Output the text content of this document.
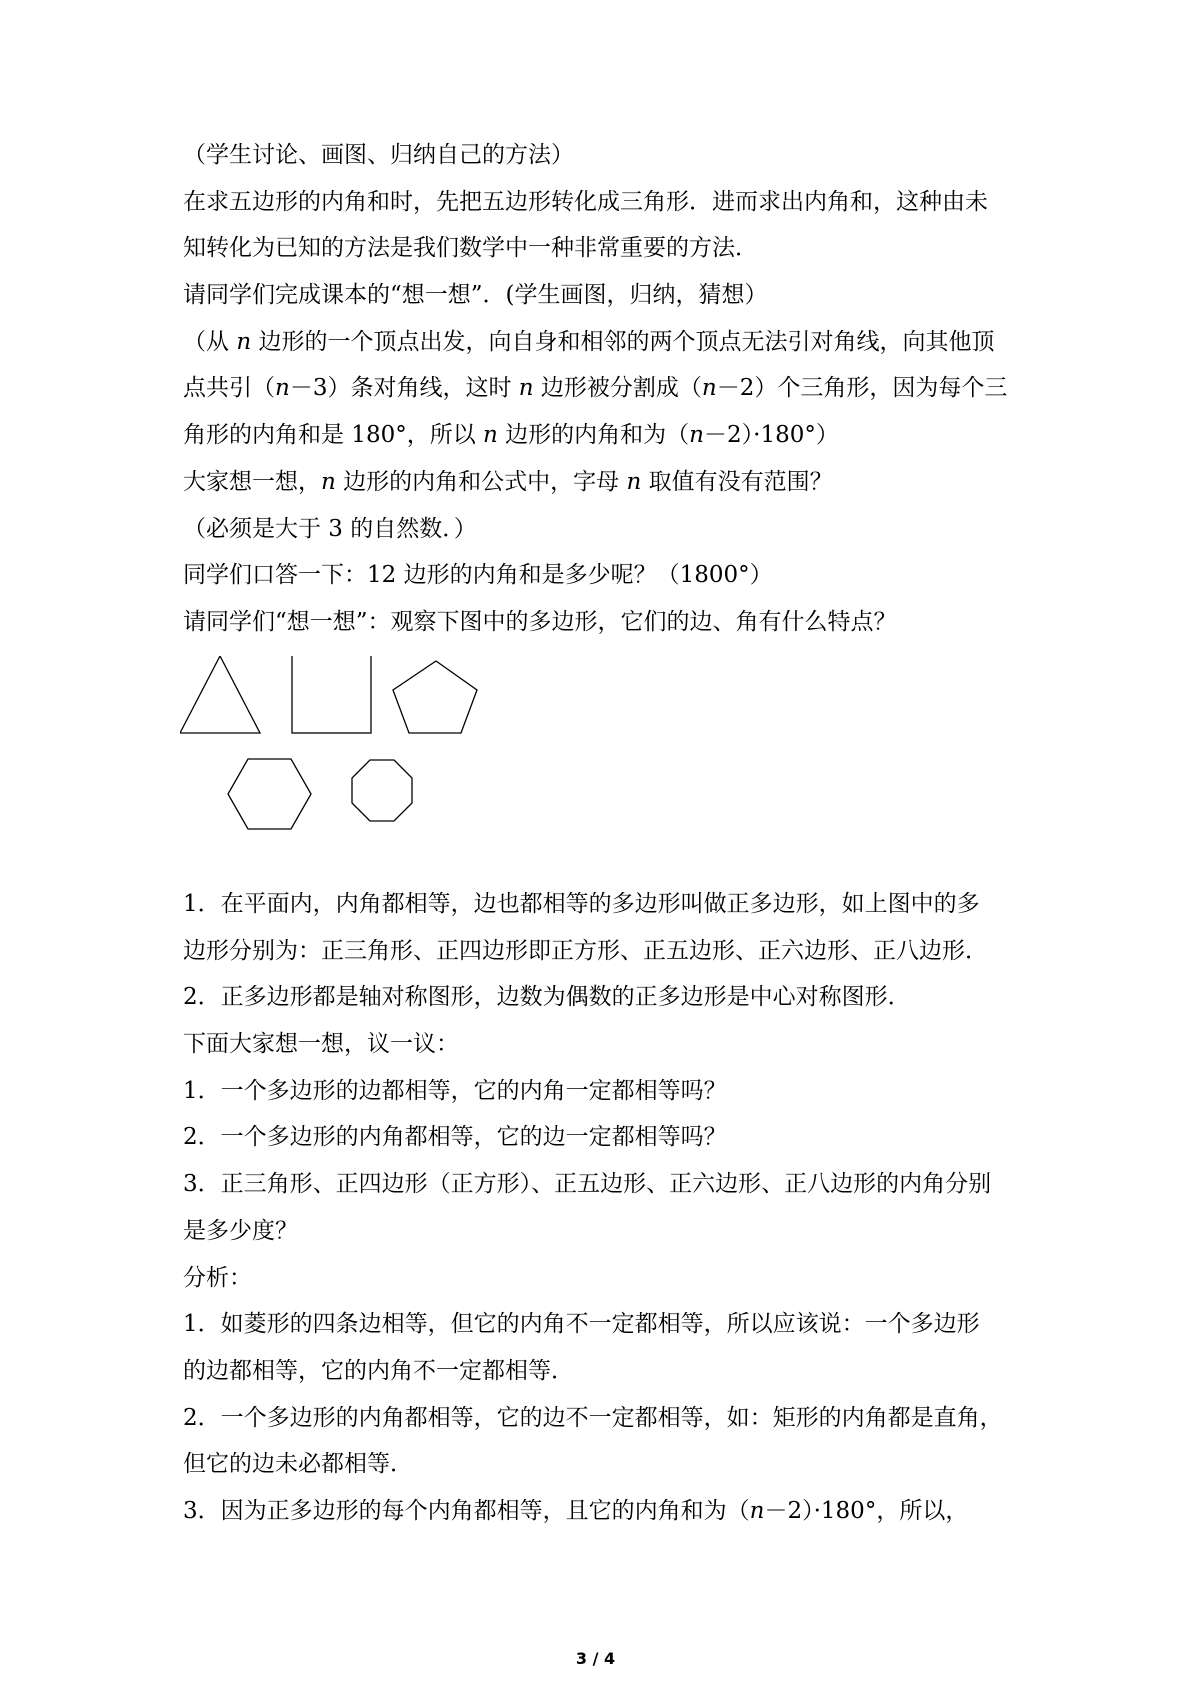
（学生讨论、画图、归纳自己的方法）
在求五边形的内角和时，先把五边形转化成三角形．进而求出内角和，这种由未
知转化为已知的方法是我们数学中一种非常重要的方法．
请同学们完成课本的“想一想”．(学生画图，归纳，猜想）
（从 n 边形的一个顶点出发，向自身和相邻的两个顶点无法引对角线，向其他顶
点共引（n－3）条对角线，这时 n 边形被分割成（n－2）个三角形，因为每个三
角形的内角和是 180°，所以 n 边形的内角和为（n－2）·180°）
大家想一想，n 边形的内角和公式中，字母 n 取值有没有范围？
（必须是大于 3 的自然数．）
同学们口答一下：12 边形的内角和是多少呢？（1800°）
请同学们“想一想”：观察下图中的多边形，它们的边、角有什么特点？
1．在平面内，内角都相等，边也都相等的多边形叫做正多边形，如上图中的多
边形分别为：正三角形、正四边形即正方形、正五边形、正六边形、正八边形．
2．正多边形都是轴对称图形，边数为偶数的正多边形是中心对称图形．
下面大家想一想，议一议：
1．一个多边形的边都相等，它的内角一定都相等吗？
2．一个多边形的内角都相等，它的边一定都相等吗？
3．正三角形、正四边形（正方形）、正五边形、正六边形、正八边形的内角分别
是多少度？
分析：
1．如菱形的四条边相等，但它的内角不一定都相等，所以应该说：一个多边形
的边都相等，它的内角不一定都相等．
2．一个多边形的内角都相等，它的边不一定都相等，如：矩形的内角都是直角，
但它的边未必都相等．
3．因为正多边形的每个内角都相等，且它的内角和为（n－2）·180°，所以，
3 / 4
